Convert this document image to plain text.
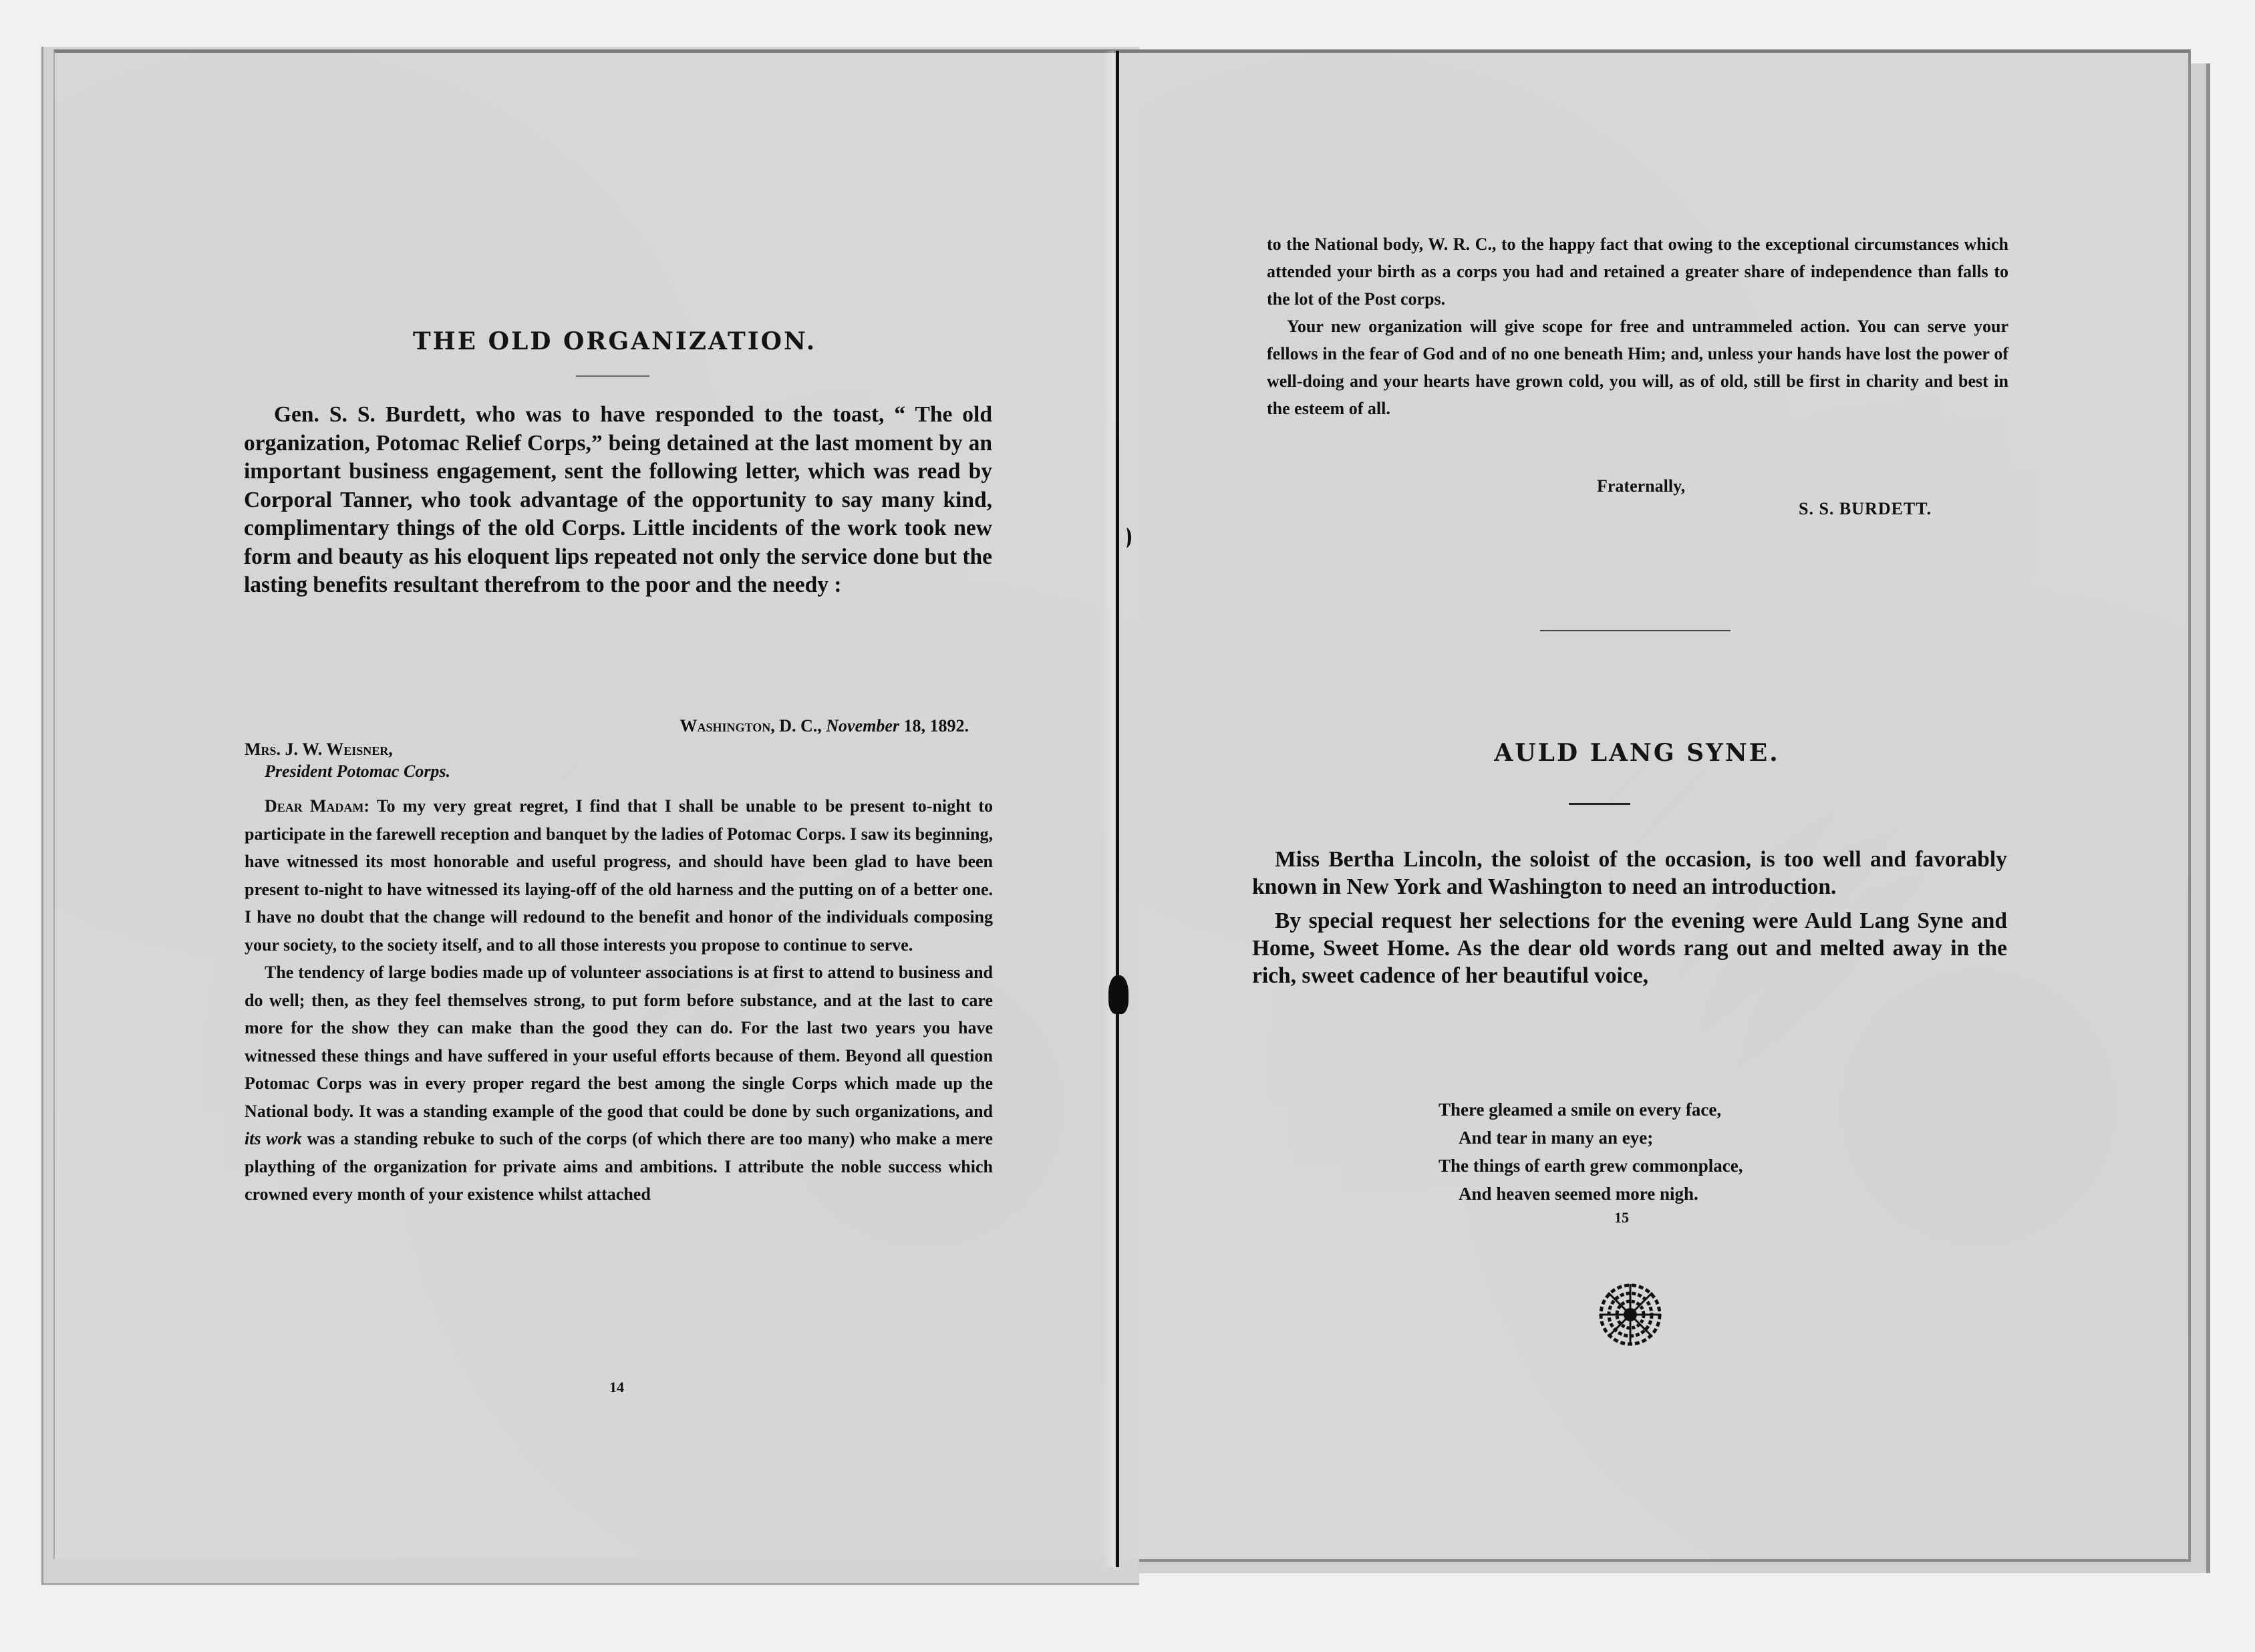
THE OLD ORGANIZATION.

Gen. S. S. Burdett, who was to have responded to the toast, “ The old organization, Potomac Relief Corps,” being detained at the last moment by an important business engagement, sent the following letter, which was read by Corporal Tanner, who took advantage of the opportunity to say many kind, complimentary things of the old Corps. Little incidents of the work took new form and beauty as his eloquent lips repeated not only the service done but the lasting benefits resultant therefrom to the poor and the needy :

Washington, D. C., November 18, 1892.
Mrs. J. W. Weisner,
President Potomac Corps.

Dear Madam: To my very great regret, I find that I shall be unable to be present to-night to participate in the farewell reception and banquet by the ladies of Potomac Corps. I saw its beginning, have witnessed its most honorable and useful progress, and should have been glad to have been present to-night to have witnessed its laying-off of the old harness and the putting on of a better one. I have no doubt that the change will redound to the benefit and honor of the individuals composing your society, to the society itself, and to all those interests you propose to continue to serve.

The tendency of large bodies made up of volunteer associations is at first to attend to business and do well; then, as they feel themselves strong, to put form before substance, and at the last to care more for the show they can make than the good they can do. For the last two years you have witnessed these things and have suffered in your useful efforts because of them. Beyond all question Potomac Corps was in every proper regard the best among the single Corps which made up the National body. It was a standing example of the good that could be done by such organizations, and its work was a standing rebuke to such of the corps (of which there are too many) who make a mere plaything of the organization for private aims and ambitions. I attribute the noble success which crowned every month of your existence whilst attached

14

to the National body, W. R. C., to the happy fact that owing to the exceptional circumstances which attended your birth as a corps you had and retained a greater share of independence than falls to the lot of the Post corps.

Your new organization will give scope for free and untrammeled action. You can serve your fellows in the fear of God and of no one beneath Him; and, unless your hands have lost the power of well-doing and your hearts have grown cold, you will, as of old, still be first in charity and best in the esteem of all.

Fraternally,
S. S. BURDETT.
AULD LANG SYNE.

Miss Bertha Lincoln, the soloist of the occasion, is too well and favorably known in New York and Washington to need an introduction.

By special request her selections for the evening were Auld Lang Syne and Home, Sweet Home. As the dear old words rang out and melted away in the rich, sweet cadence of her beautiful voice,

There gleamed a smile on every face,
And tear in many an eye;
The things of earth grew commonplace,
And heaven seemed more nigh.
15
